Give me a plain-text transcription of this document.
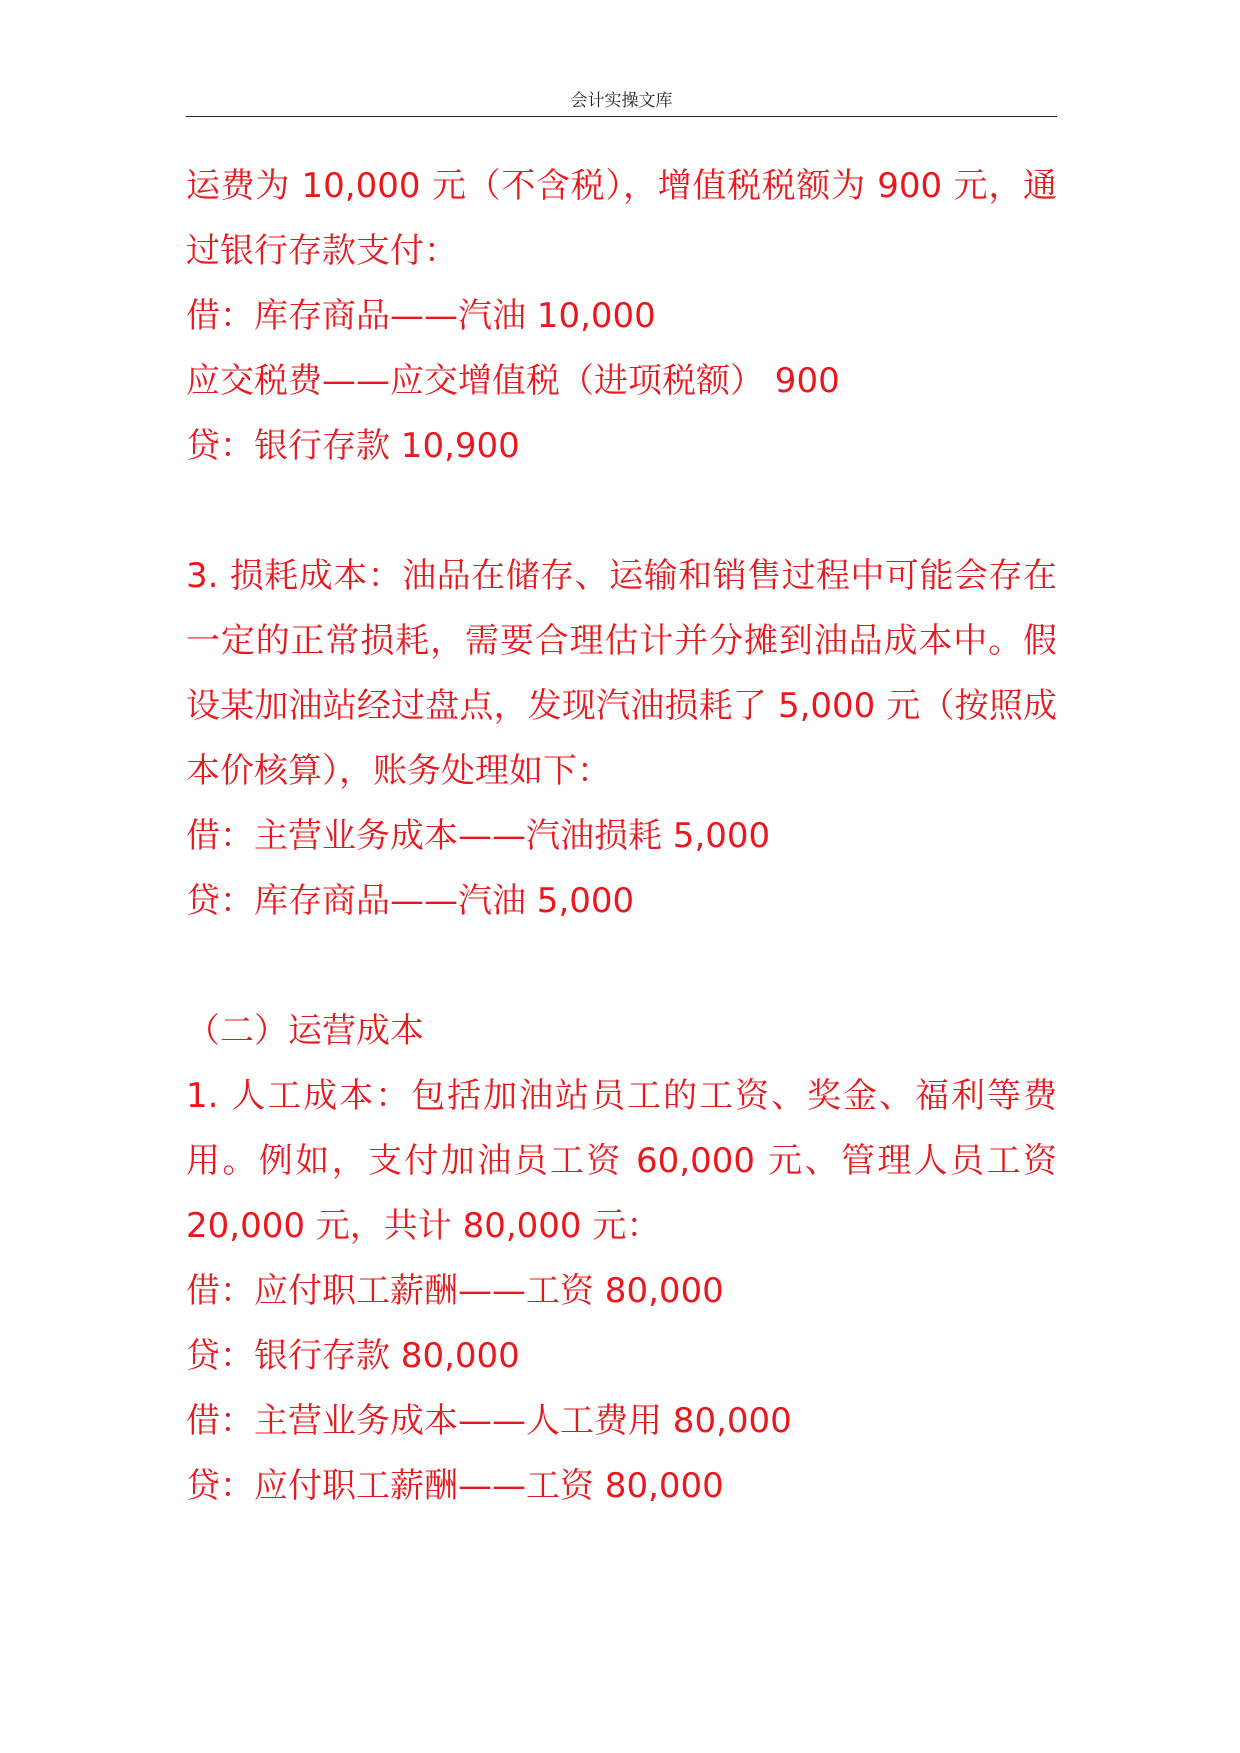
会计实操文库
运费为 10,000 元（不含税），增值税税额为 900 元，通
过银行存款支付：
借：库存商品——汽油 10,000
应交税费——应交增值税（进项税额） 900
贷：银行存款 10,900
3. 损耗成本：油品在储存、运输和销售过程中可能会存在
一定的正常损耗，需要合理估计并分摊到油品成本中。假
设某加油站经过盘点，发现汽油损耗了 5,000 元（按照成
本价核算），账务处理如下：
借：主营业务成本——汽油损耗 5,000
贷：库存商品——汽油 5,000
（二）运营成本
1. 人工成本：包括加油站员工的工资、奖金、福利等费
用。例如，支付加油员工资 60,000 元、管理人员工资
20,000 元，共计 80,000 元：
借：应付职工薪酬——工资 80,000
贷：银行存款 80,000
借：主营业务成本——人工费用 80,000
贷：应付职工薪酬——工资 80,000
